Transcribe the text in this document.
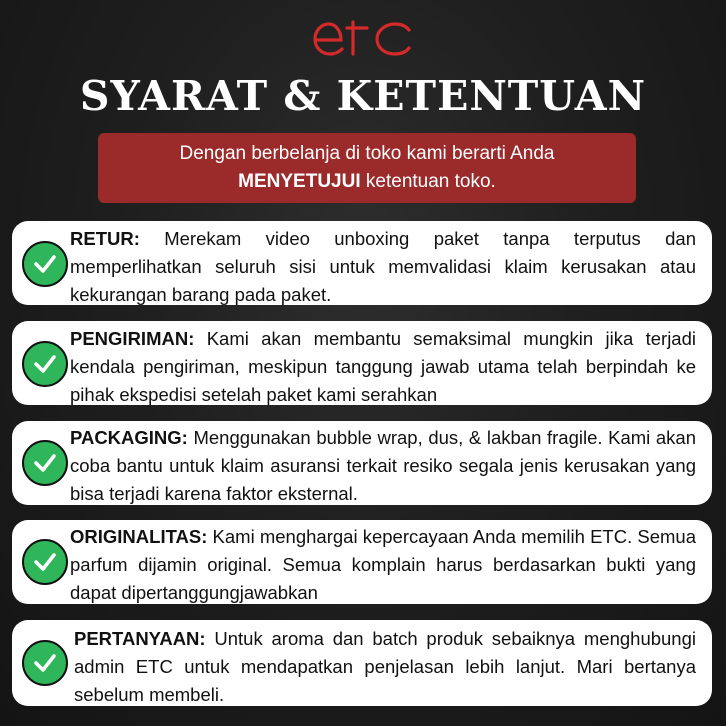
SYARAT & KETENTUAN
Dengan berbelanja di toko kami berarti Anda
MENYETUJUI ketentuan toko.
RETUR: Merekam video unboxing paket tanpa terputus dan memperlihatkan seluruh sisi untuk memvalidasi klaim kerusakan atau kekurangan barang pada paket.
PENGIRIMAN: Kami akan membantu semaksimal mungkin jika terjadi kendala pengiriman, meskipun tanggung jawab utama telah berpindah ke pihak ekspedisi setelah paket kami serahkan
PACKAGING: Menggunakan bubble wrap, dus, & lakban fragile. Kami akan coba bantu untuk klaim asuransi terkait resiko segala jenis kerusakan yang bisa terjadi karena faktor eksternal.
ORIGINALITAS: Kami menghargai kepercayaan Anda memilih ETC. Semua parfum dijamin original. Semua komplain harus berdasarkan bukti yang dapat dipertanggungjawabkan
PERTANYAAN: Untuk aroma dan batch produk sebaiknya menghubungi admin ETC untuk mendapatkan penjelasan lebih lanjut. Mari bertanya sebelum membeli.
